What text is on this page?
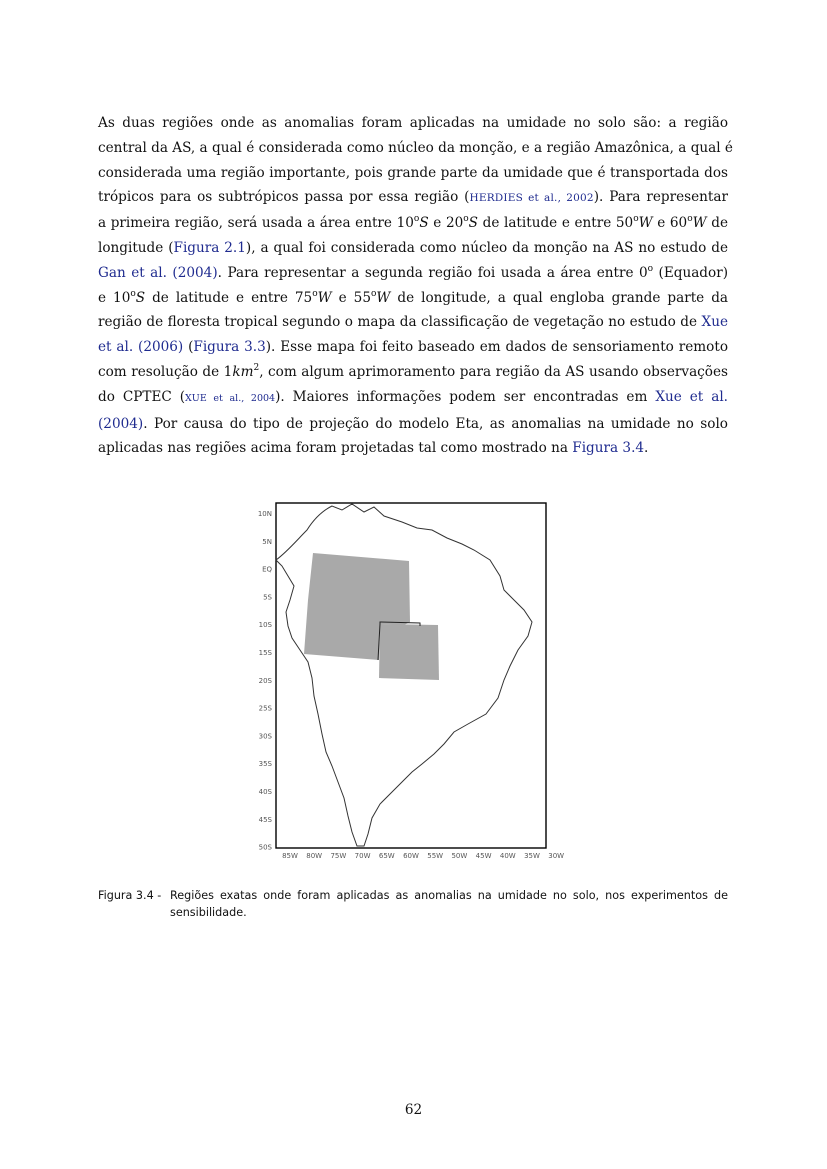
As duas regiões onde as anomalias foram aplicadas na umidade no solo são: a região
central da AS, a qual é considerada como núcleo da monção, e a região Amazônica, a qual é
considerada uma região importante, pois grande parte da umidade que é transportada dos
trópicos para os subtrópicos passa por essa região (HERDIES et al., 2002). Para representar
a primeira região, será usada a área entre 10$^o$S e 20$^o$S de latitude e entre 50$^o$W e 60$^o$W de
longitude (Figura 2.1), a qual foi considerada como núcleo da monção na AS no estudo de
Gan et al. (2004). Para representar a segunda região foi usada a área entre 0$^o$ (Equador)
e 10$^o$S de latitude e entre 75$^o$W e 55$^o$W de longitude, a qual engloba grande parte da
região de floresta tropical segundo o mapa da classificação de vegetação no estudo de Xue
et al. (2006) (Figura 3.3). Esse mapa foi feito baseado em dados de sensoriamento remoto
com resolução de $1km^2$, com algum aprimoramento para região da AS usando observações
do CPTEC (XUE et al., 2004). Maiores informações podem ser encontradas em Xue et al.
(2004). Por causa do tipo de projeção do modelo Eta, as anomalias na umidade no solo
aplicadas nas regiões acima foram projetadas tal como mostrado na Figura 3.4.
10N
5N
EQ
5S
10S
15S
20S
25S
30S
35S
40S
45S
50S
85W 80W 75W 70W 65W 60W 55W 50W 45W 40W 35W 30W
Figura 3.4 - Regiões exatas onde foram aplicadas as anomalias na umidade no solo, nos experimentos de
sensibilidade.
62
